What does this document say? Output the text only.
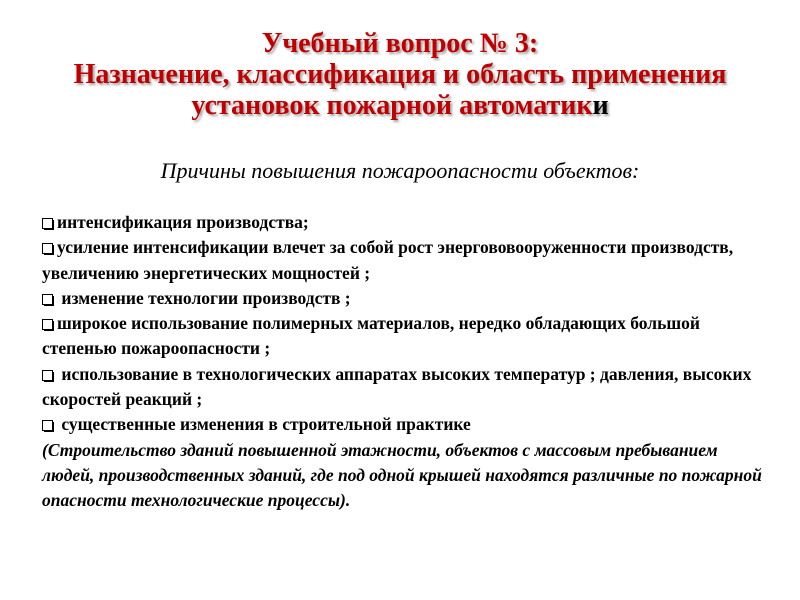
Учебный вопрос № 3:
Назначение, классификация и область применения
установок пожарной автоматики
Причины повышения пожароопасности объектов:
интенсификация производства;
усиление интенсификации влечет за собой рост энергововооруженности производств, увеличению энергетических мощностей ;
изменение технологии производств ;
широкое использование полимерных материалов, нередко обладающих большой степенью пожароопасности ;
использование в технологических аппаратах высоких температур ; давления, высоких скоростей реакций ;
существенные изменения в строительной практике
(Строительство зданий повышенной этажности, объектов с массовым пребыванием людей, производственных зданий, где под одной крышей находятся различные по пожарной опасности технологические процессы).
